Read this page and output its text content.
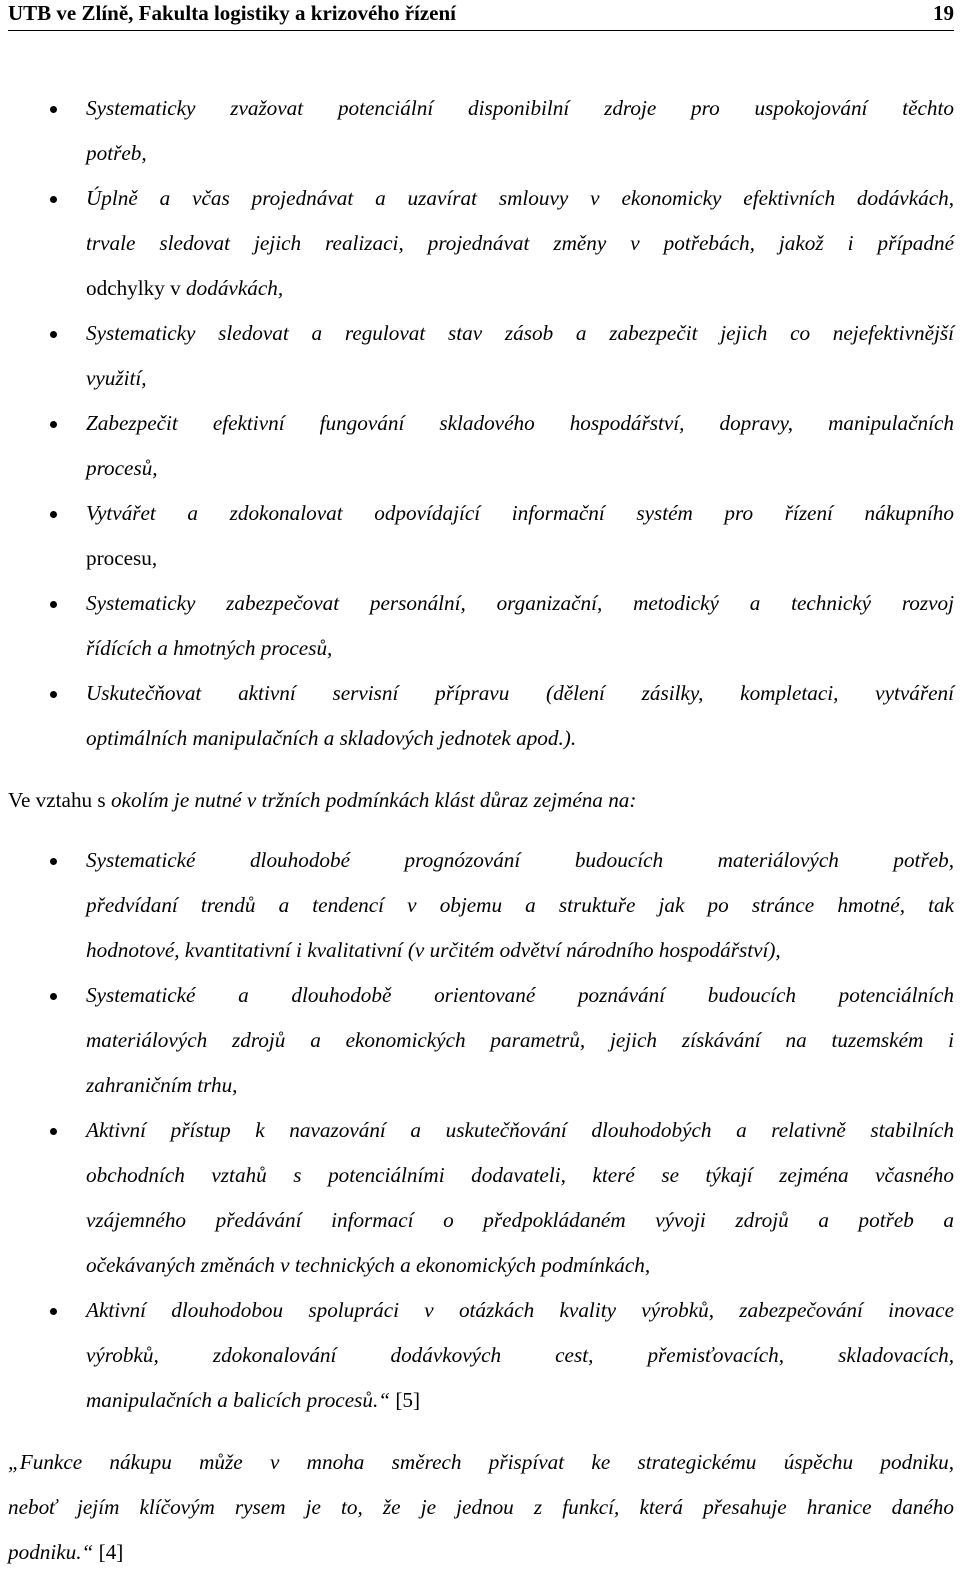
UTB ve Zlíně, Fakulta logistiky a krizového řízení	19
Systematicky zvažovat potenciální disponibilní zdroje pro uspokojování těchto
potřeb,
Úplně a včas projednávat a uzavírat smlouvy v ekonomicky efektivních dodávkách,
trvale sledovat jejich realizaci, projednávat změny v potřebách, jakož i případné
odchylky v dodávkách,
Systematicky sledovat a regulovat stav zásob a zabezpečit jejich co nejefektivnější
využití,
Zabezpečit efektivní fungování skladového hospodářství, dopravy, manipulačních
procesů,
Vytvářet a zdokonalovat odpovídající informační systém pro řízení nákupního
procesu,
Systematicky zabezpečovat personální, organizační, metodický a technický rozvoj
řídících a hmotných procesů,
Uskutečňovat aktivní servisní přípravu (dělení zásilky, kompletaci, vytváření
optimálních manipulačních a skladových jednotek apod.).

Ve vztahu s okolím je nutné v tržních podmínkách klást důraz zejména na:

Systematické dlouhodobé prognózování budoucích materiálových potřeb,
předvídaní trendů a tendencí v objemu a struktuře jak po stránce hmotné, tak
hodnotové, kvantitativní i kvalitativní (v určitém odvětví národního hospodářství),
Systematické a dlouhodobě orientované poznávání budoucích potenciálních
materiálových zdrojů a ekonomických parametrů, jejich získávání na tuzemském i
zahraničním trhu,
Aktivní přístup k navazování a uskutečňování dlouhodobých a relativně stabilních
obchodních vztahů s potenciálními dodavateli, které se týkají zejména včasného
vzájemného předávání informací o předpokládaném vývoji zdrojů a potřeb a
očekávaných změnách v technických a ekonomických podmínkách,
Aktivní dlouhodobou spolupráci v otázkách kvality výrobků, zabezpečování inovace
výrobků, zdokonalování dodávkových cest, přemisťovacích, skladovacích,
manipulačních a balicích procesů.“ [5]

„Funkce nákupu může v mnoha směrech přispívat ke strategickému úspěchu podniku,
neboť jejím klíčovým rysem je to, že je jednou z funkcí, která přesahuje hranice daného
podniku.“ [4]
